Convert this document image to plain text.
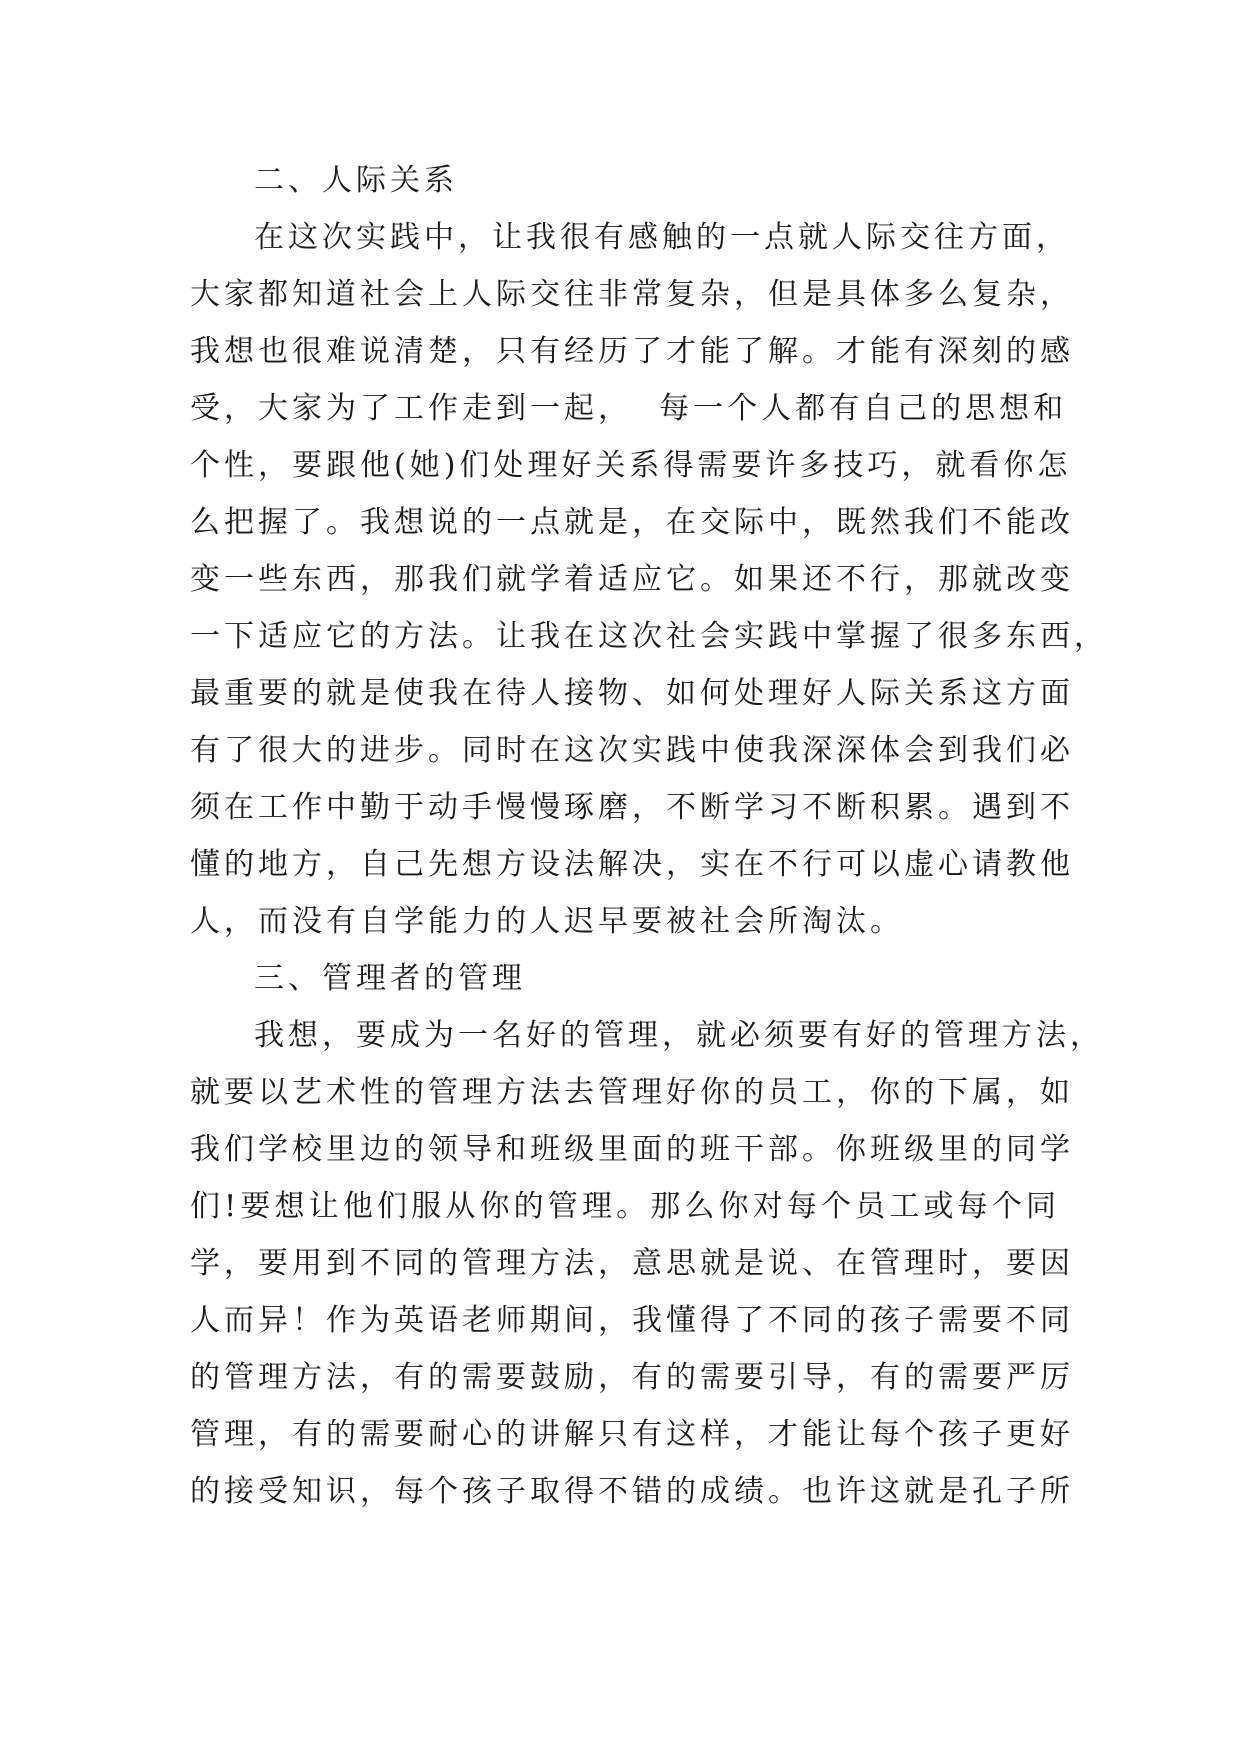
二、人际关系
在这次实践中，让我很有感触的一点就人际交往方面，
大家都知道社会上人际交往非常复杂，但是具体多么复杂，
我想也很难说清楚，只有经历了才能了解。才能有深刻的感
受，大家为了工作走到一起，  每一个人都有自己的思想和
个性，要跟他(她)们处理好关系得需要许多技巧，就看你怎
么把握了。我想说的一点就是，在交际中，既然我们不能改
变一些东西，那我们就学着适应它。如果还不行，那就改变
一下适应它的方法。让我在这次社会实践中掌握了很多东西，
最重要的就是使我在待人接物、如何处理好人际关系这方面
有了很大的进步。同时在这次实践中使我深深体会到我们必
须在工作中勤于动手慢慢琢磨，不断学习不断积累。遇到不
懂的地方，自己先想方设法解决，实在不行可以虚心请教他
人，而没有自学能力的人迟早要被社会所淘汰。
三、管理者的管理
我想，要成为一名好的管理，就必须要有好的管理方法，
就要以艺术性的管理方法去管理好你的员工，你的下属，如
我们学校里边的领导和班级里面的班干部。你班级里的同学
们!要想让他们服从你的管理。那么你对每个员工或每个同
学，要用到不同的管理方法，意思就是说、在管理时，要因
人而异！作为英语老师期间，我懂得了不同的孩子需要不同
的管理方法，有的需要鼓励，有的需要引导，有的需要严厉
管理，有的需要耐心的讲解只有这样，才能让每个孩子更好
的接受知识，每个孩子取得不错的成绩。也许这就是孔子所
